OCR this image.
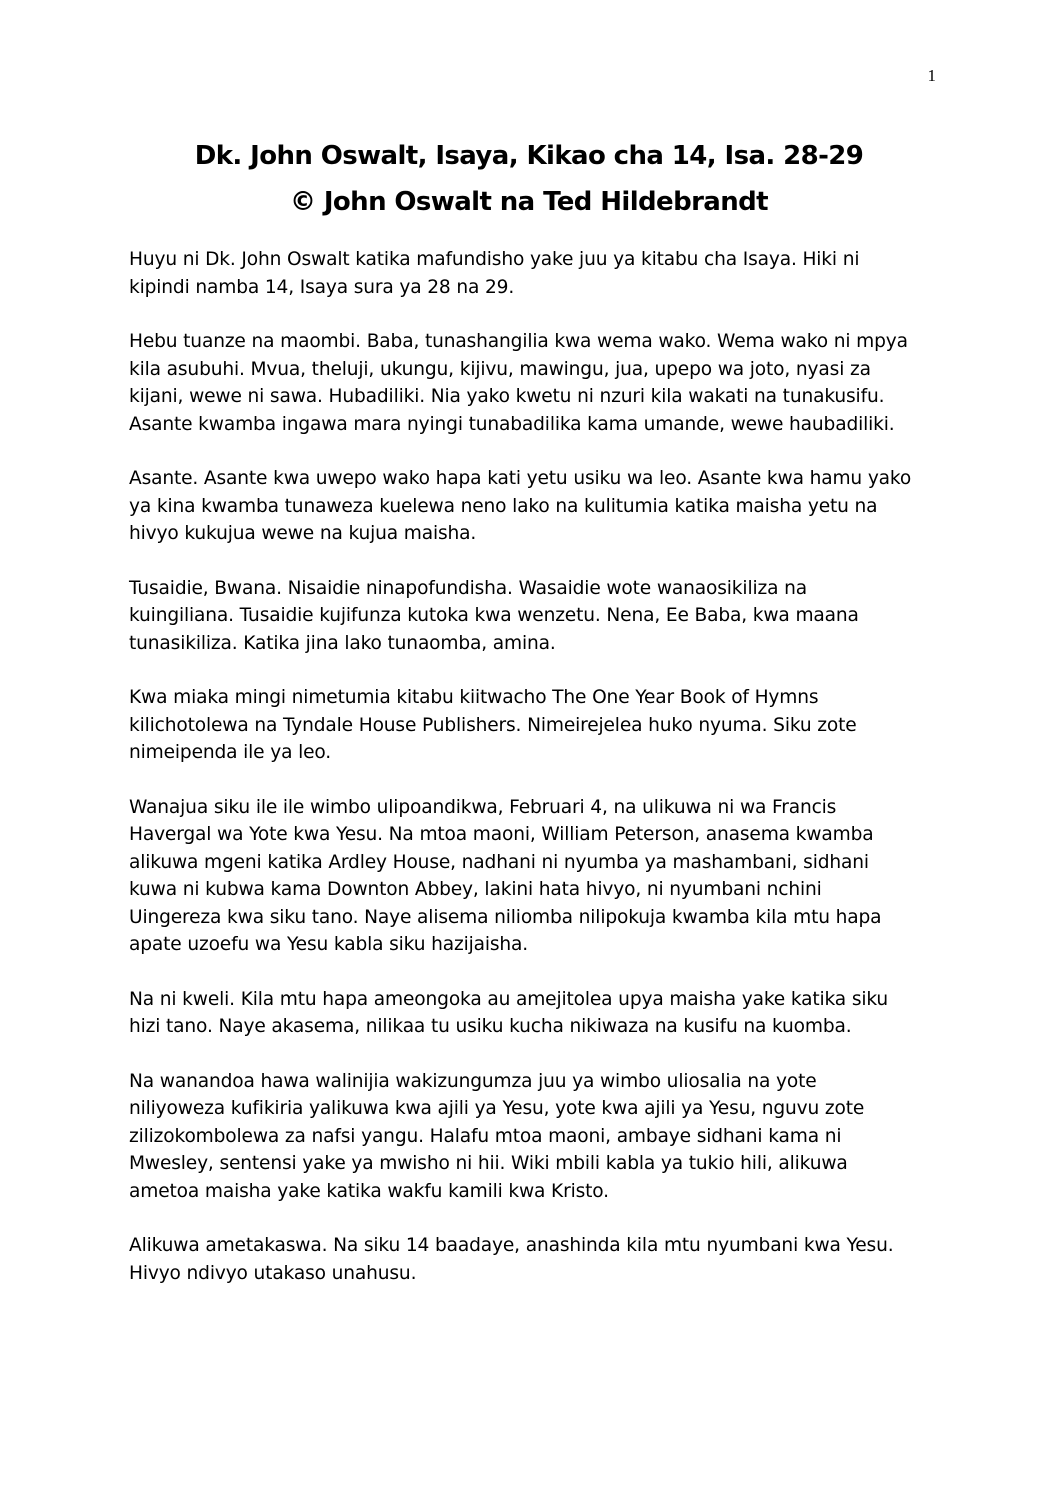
1
Dk. John Oswalt, Isaya, Kikao cha 14, Isa. 28-29
© John Oswalt na Ted Hildebrandt

Huyu ni Dk. John Oswalt katika mafundisho yake juu ya kitabu cha Isaya. Hiki ni
kipindi namba 14, Isaya sura ya 28 na 29.

Hebu tuanze na maombi. Baba, tunashangilia kwa wema wako. Wema wako ni mpya
kila asubuhi. Mvua, theluji, ukungu, kijivu, mawingu, jua, upepo wa joto, nyasi za
kijani, wewe ni sawa. Hubadiliki. Nia yako kwetu ni nzuri kila wakati na tunakusifu.
Asante kwamba ingawa mara nyingi tunabadilika kama umande, wewe haubadiliki.

Asante. Asante kwa uwepo wako hapa kati yetu usiku wa leo. Asante kwa hamu yako
ya kina kwamba tunaweza kuelewa neno lako na kulitumia katika maisha yetu na
hivyo kukujua wewe na kujua maisha.

Tusaidie, Bwana. Nisaidie ninapofundisha. Wasaidie wote wanaosikiliza na
kuingiliana. Tusaidie kujifunza kutoka kwa wenzetu. Nena, Ee Baba, kwa maana
tunasikiliza. Katika jina lako tunaomba, amina.

Kwa miaka mingi nimetumia kitabu kiitwacho The One Year Book of Hymns
kilichotolewa na Tyndale House Publishers. Nimeirejelea huko nyuma. Siku zote
nimeipenda ile ya leo.

Wanajua siku ile ile wimbo ulipoandikwa, Februari 4, na ulikuwa ni wa Francis
Havergal wa Yote kwa Yesu. Na mtoa maoni, William Peterson, anasema kwamba
alikuwa mgeni katika Ardley House, nadhani ni nyumba ya mashambani, sidhani
kuwa ni kubwa kama Downton Abbey, lakini hata hivyo, ni nyumbani nchini
Uingereza kwa siku tano. Naye alisema niliomba nilipokuja kwamba kila mtu hapa
apate uzoefu wa Yesu kabla siku hazijaisha.

Na ni kweli. Kila mtu hapa ameongoka au amejitolea upya maisha yake katika siku
hizi tano. Naye akasema, nilikaa tu usiku kucha nikiwaza na kusifu na kuomba.

Na wanandoa hawa walinijia wakizungumza juu ya wimbo uliosalia na yote
niliyoweza kufikiria yalikuwa kwa ajili ya Yesu, yote kwa ajili ya Yesu, nguvu zote
zilizokombolewa za nafsi yangu. Halafu mtoa maoni, ambaye sidhani kama ni
Mwesley, sentensi yake ya mwisho ni hii. Wiki mbili kabla ya tukio hili, alikuwa
ametoa maisha yake katika wakfu kamili kwa Kristo.

Alikuwa ametakaswa. Na siku 14 baadaye, anashinda kila mtu nyumbani kwa Yesu.
Hivyo ndivyo utakaso unahusu.
